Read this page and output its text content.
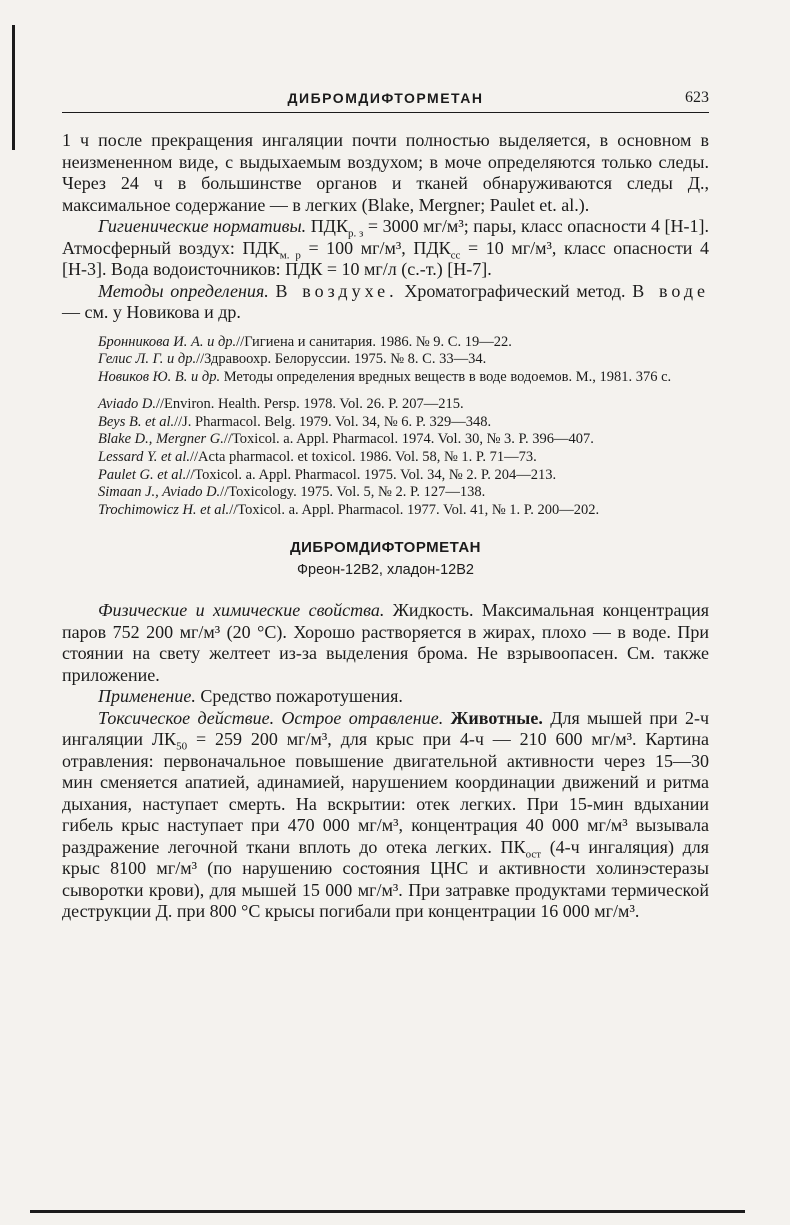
ДИБРОМДИФТОРМЕТАН	623

1 ч после прекращения ингаляции почти полностью выделяется, в основном в неизмененном виде, с выдыхаемым воздухом; в моче определяются только следы. Через 24 ч в большинстве органов и тканей обнаруживаются следы Д., максимальное содержание — в легких (Blake, Mergner; Paulet et. al.).

Гигиенические нормативы. $ПДК_{р. з} = 3000$ мг/м³; пары, класс опасности 4 [Н-1]. Атмосферный воздух: $ПДК_{м. р} = 100$ мг/м³, $ПДК_{сс} = 10$ мг/м³, класс опасности 4 [Н-3]. Вода водоисточников: ПДК = 10 мг/л (с.-т.) [Н-7].

Методы определения. В воздухе. Хроматографический метод. В воде— см. у Новикова и др.

Бронникова И. А. и др.//Гигиена и санитария. 1986. № 9. С. 19—22.

Гелис Л. Г. и др.//Здравоохр. Белоруссии. 1975. № 8. С. 33—34.

Новиков Ю. В. и др. Методы определения вредных веществ в воде водоемов. М., 1981. 376 с.

Aviado D.//Environ. Health. Persp. 1978. Vol. 26. P. 207—215.

Beys B. et al.//J. Pharmacol. Belg. 1979. Vol. 34, № 6. P. 329—348.

Blake D., Mergner G.//Toxicol. a. Appl. Pharmacol. 1974. Vol. 30, № 3. P. 396—407.

Lessard Y. et al.//Acta pharmacol. et toxicol. 1986. Vol. 58, № 1. P. 71—73.

Paulet G. et al.//Toxicol. a. Appl. Pharmacol. 1975. Vol. 34, № 2. P. 204—213.

Simaan J., Aviado D.//Toxicology. 1975. Vol. 5, № 2. P. 127—138.

Trochimowicz H. et al.//Toxicol. a. Appl. Pharmacol. 1977. Vol. 41, № 1. P. 200—202.

ДИБРОМДИФТОРМЕТАН
Фреон-12В2, хладон-12В2

Физические и химические свойства. Жидкость. Максимальная концентрация паров 752 200 мг/м³ (20 °С). Хорошо растворяется в жирах, плохо — в воде. При стоянии на свету желтеет из-за выделения брома. Не взрывоопасен. См. также приложение.

Применение. Средство пожаротушения.

Токсическое действие. Острое отравление. Животные. Для мышей при 2-ч ингаляции $ЛК_{50} = 259$ 200 мг/м³, для крыс при 4-ч — 210 600 мг/м³. Картина отравления: первоначальное повышение двигательной активности через 15—30 мин сменяется апатией, адинамией, нарушением координации движений и ритма дыхания, наступает смерть. На вскрытии: отек легких. При 15-мин вдыхании гибель крыс наступает при 470 000 мг/м³, концентрация 40 000 мг/м³ вызывала раздражение легочной ткани вплоть до отека легких. $ПК_{ост}$ (4-ч ингаляция) для крыс 8100 мг/м³ (по нарушению состояния ЦНС и активности холинэстеразы сыворотки крови), для мышей 15 000 мг/м³. При затравке продуктами термической деструкции Д. при 800 °С крысы погибали при концентрации 16 000 мг/м³.
